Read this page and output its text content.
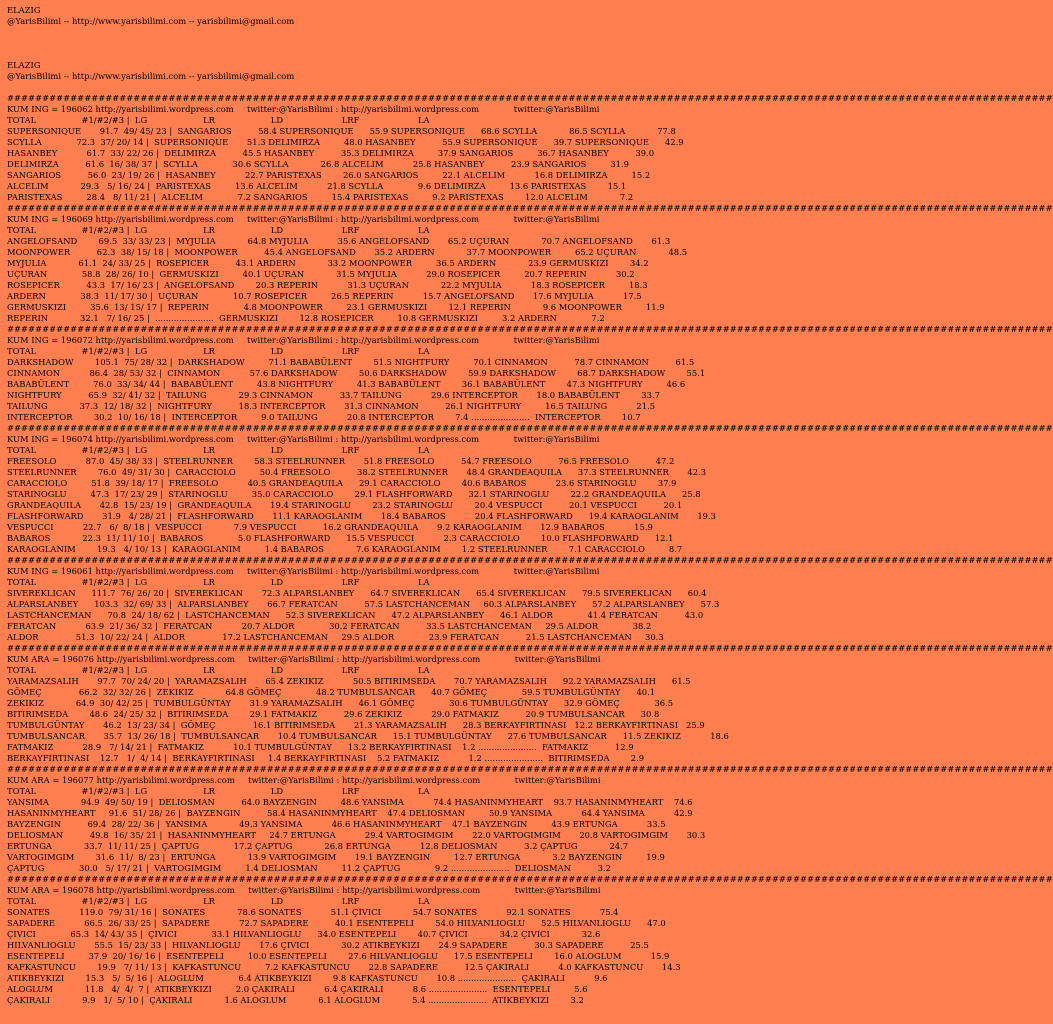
ELAZIG
@YarisBilimi -- http://www.yarisbilimi.com -- yarisbilimi@gmail.com
ELAZIG
@YarisBilimi -- http://www.yarisbilimi.com -- yarisbilimi@gmail.com
#####################################################################################################################################################
KUM ING = 196062 http://yarisbilimi.wordpress.com     twitter:@YarisBilimi : http://yarisbilimi.wordpress.com             twitter:@YarisBilimi
TOTAL                 #1/#2/#3 |  LG                     LR                     LD                      LRF                      LA
SUPERSONIQUE       91.7  49/ 45/ 23 |  SANGARIOS          58.4 SUPERSONIQUE      55.9 SUPERSONIQUE      68.6 SCYLLA            86.5 SCYLLA            77.8
SCYLLA             72.3  37/ 20/ 14 |  SUPERSONIQUE       51.3 DELIMIRZA         48.0 HASANBEY          55.9 SUPERSONIQUE      39.7 SUPERSONIQUE      42.9
HASANBEY           61.7  33/ 22/ 26 |  DELIMIRZA          45.5 HASANBEY          35.3 DELIMIRZA         37.9 SANGARIOS         36.7 HASANBEY          39.0
DELIMIRZA          61.6  16/ 38/ 37 |  SCYLLA             30.6 SCYLLA            26.8 ALCELIM           25.8 HASANBEY          23.9 SANGARIOS         31.9
SANGARIOS          56.0  23/ 19/ 26 |  HASANBEY           22.7 PARISTEXAS        26.0 SANGARIOS         22.1 ALCELIM           16.8 DELIMIRZA         15.2
ALCELIM            29.3   5/ 16/ 24 |  PARISTEXAS         13.6 ALCELIM           21.8 SCYLLA             9.6 DELIMIRZA         13.6 PARISTEXAS        15.1
PARISTEXAS         28.4   8/ 11/ 21 |  ALCELIM             7.2 SANGARIOS         15.4 PARISTEXAS         9.2 PARISTEXAS        12.0 ALCELIM            7.2
#####################################################################################################################################################
KUM ING = 196069 http://yarisbilimi.wordpress.com     twitter:@YarisBilimi : http://yarisbilimi.wordpress.com             twitter:@YarisBilimi
TOTAL                 #1/#2/#3 |  LG                     LR                     LD                      LRF                      LA
ANGELOFSAND        69.5  33/ 33/ 23 |  MYJULIA            64.8 MYJULIA           35.6 ANGELOFSAND       65.2 UÇURAN            70.7 ANGELOFSAND       61.3
MOONPOWER          62.3  38/ 15/ 18 |  MOONPOWER          45.4 ANGELOFSAND       35.2 ARDERN            37.7 MOONPOWER         65.2 UÇURAN            48.5
MYJULIA            61.1  24/ 33/ 25 |  ROSEPICER          43.1 ARDERN            33.2 MOONPOWER         36.5 ARDERN            23.9 GERMUSKIZI        34.2
UÇURAN             58.8  28/ 26/ 10 |  GERMUSKIZI         40.1 UÇURAN            31.5 MYJULIA           29.0 ROSEPICER         20.7 REPERIN           30.2
ROSEPICER          43.3  17/ 16/ 23 |  ANGELOFSAND        20.3 REPERIN           31.3 UÇURAN            22.2 MYJULIA           18.3 ROSEPICER         18.3
ARDERN             38.3  11/ 17/ 30 |  UÇURAN             10.7 ROSEPICER         26.5 REPERIN           15.7 ANGELOFSAND       17.6 MYJULIA           17.5
GERMUSKIZI         35.6  13/ 15/ 17 |  REPERIN             4.8 MOONPOWER         23.1 GERMUSKIZI        12.1 REPERIN            9.6 MOONPOWER         11.9
REPERIN            32.1   7/ 16/ 25 |  ......................  GERMUSKIZI        12.8 ROSEPICER         10.8 GERMUSKIZI         3.2 ARDERN             7.2
#####################################################################################################################################################
KUM ING = 196072 http://yarisbilimi.wordpress.com     twitter:@YarisBilimi : http://yarisbilimi.wordpress.com             twitter:@YarisBilimi
TOTAL                 #1/#2/#3 |  LG                     LR                     LD                      LRF                      LA
DARKSHADOW        105.1  75/ 28/ 32 |  DARKSHADOW         71.1 BABABÜLENT        51.5 NIGHTFURY         70.1 CINNAMON          78.7 CINNAMON          61.5
CINNAMON           86.4  28/ 53/ 32 |  CINNAMON           57.6 DARKSHADOW        50.6 DARKSHADOW        59.9 DARKSHADOW        68.7 DARKSHADOW        55.1
BABABÜLENT         76.0  33/ 34/ 44 |  BABABÜLENT         43.8 NIGHTFURY         41.3 BABABÜLENT        36.1 BABABÜLENT        47.3 NIGHTFURY         46.6
NIGHTFURY          65.9  32/ 41/ 32 |  TAILUNG            29.3 CINNAMON          33.7 TAILUNG           29.6 INTERCEPTOR       18.0 BABABÜLENT        33.7
TAILUNG            37.3  12/ 18/ 32 |  NIGHTFURY          18.3 INTERCEPTOR       31.3 CINNAMON          26.1 NIGHTFURY         16.5 TAILUNG           21.5
INTERCEPTOR        30.2  10/ 16/ 18 |  INTERCEPTOR         9.0 TAILUNG           20.8 INTERCEPTOR        7.4 ......................  INTERCEPTOR        10.7
#####################################################################################################################################################
KUM ING = 196074 http://yarisbilimi.wordpress.com     twitter:@YarisBilimi : http://yarisbilimi.wordpress.com             twitter:@YarisBilimi
TOTAL                 #1/#2/#3 |  LG                     LR                     LD                      LRF                      LA
FREESOLO           87.0  45/ 38/ 33 |  STEELRUNNER        58.3 STEELRUNNER       51.8 FREESOLO          54.7 FREESOLO          76.5 FREESOLO          47.2
STEELRUNNER        76.0  49/ 31/ 30 |  CARACCIOLO         50.4 FREESOLO          38.2 STEELRUNNER       48.4 GRANDEAQUILA      37.3 STEELRUNNER       42.3
CARACCIOLO         51.8  39/ 18/ 17 |  FREESOLO           40.5 GRANDEAQUILA      29.1 CARACCIOLO        40.6 BABAROS           23.6 STARINOGLU        37.9
STARINOGLU         47.3  17/ 23/ 29 |  STARINOGLU         35.0 CARACCIOLO        29.1 FLASHFORWARD      32.1 STARINOGLU        22.2 GRANDEAQUILA      25.8
GRANDEAQUILA       42.8  15/ 23/ 19 |  GRANDEAQUILA       19.4 STARINOGLU        23.2 STARINOGLU        20.4 VESPUCCI          20.1 VESPUCCI          20.1
FLASHFORWARD       31.9   4/ 28/ 21 |  FLASHFORWARD       11.1 KARAOGLANIM       18.4 BABAROS           20.4 FLASHFORWARD      19.4 KARAOGLANIM       19.3
VESPUCCI           22.7   6/  8/ 18 |  VESPUCCI            7.9 VESPUCCI          16.2 GRANDEAQUILA       9.2 KARAOGLANIM       12.9 BABAROS           15.9
BABAROS            22.3  11/ 11/ 10 |  BABAROS             5.0 FLASHFORWARD      15.5 VESPUCCI           2.3 CARACCIOLO        10.0 FLASHFORWARD      12.1
KARAOGLANIM        19.3   4/ 10/ 13 |  KARAOGLANIM         1.4 BABAROS            7.6 KARAOGLANIM        1.2 STEELRUNNER        7.1 CARACCIOLO         8.7
#####################################################################################################################################################
KUM ING = 196061 http://yarisbilimi.wordpress.com     twitter:@YarisBilimi : http://yarisbilimi.wordpress.com             twitter:@YarisBilimi
TOTAL                 #1/#2/#3 |  LG                     LR                     LD                      LRF                      LA
SIVEREKLICAN      111.7  76/ 26/ 20 |  SIVEREKLICAN       72.3 ALPARSLANBEY      64.7 SIVEREKLICAN      65.4 SIVEREKLICAN      79.5 SIVEREKLICAN      60.4
ALPARSLANBEY      103.3  32/ 69/ 33 |  ALPARSLANBEY       66.7 FERATCAN          57.5 LASTCHANCEMAN     60.3 ALPARSLANBEY      57.2 ALPARSLANBEY      57.3
LASTCHANCEMAN      70.8  24/ 18/ 62 |  LASTCHANCEMAN      52.3 SIVEREKLICAN      47.2 ALPARSLANBEY      46.1 ALDOR             41.4 FERATCAN          43.0
FERATCAN           63.9  21/ 36/ 32 |  FERATCAN           20.7 ALDOR             30.2 FERATCAN          33.5 LASTCHANCEMAN     29.5 ALDOR             38.2
ALDOR              51.3  10/ 22/ 24 |  ALDOR              17.2 LASTCHANCEMAN     29.5 ALDOR             23.9 FERATCAN          21.5 LASTCHANCEMAN     30.3
#####################################################################################################################################################
KUM ARA = 196076 http://yarisbilimi.wordpress.com     twitter:@YarisBilimi : http://yarisbilimi.wordpress.com             twitter:@YarisBilimi
TOTAL                 #1/#2/#3 |  LG                     LR                     LD                      LRF                      LA
YARAMAZSALIH       97.7  70/ 24/ 20 |  YARAMAZSALIH       65.4 ZEKIKIZ           50.5 BITIRIMSEDA       70.7 YARAMAZSALIH      92.2 YARAMAZSALIH      61.5
GÖMEÇ              66.2  32/ 32/ 26 |  ZEKIKIZ            64.8 GÖMEÇ             48.2 TUMBULSANCAR      40.7 GÖMEÇ             59.5 TUMBULGÜNTAY      40.1
ZEKIKIZ            64.9  30/ 42/ 25 |  TUMBULGÜNTAY       31.9 YARAMAZSALIH      46.1 GÖMEÇ             30.6 TUMBULGÜNTAY      32.9 GÖMEÇ             36.5
BITIRIMSEDA        48.6  24/ 25/ 32 |  BITIRIMSEDA        29.1 FATMAKIZ          29.6 ZEKIKIZ           29.0 FATMAKIZ          20.9 TUMBULSANCAR      30.8
TUMBULGÜNTAY       46.2  13/ 23/ 34 |  GÖMEÇ              16.1 BITIRIMSEDA       21.3 YARAMAZSALIH      28.3 BERKAYFIRTINASI   12.2 BERKAYFIRTINASI   25.9
TUMBULSANCAR       35.7  13/ 26/ 18 |  TUMBULSANCAR       10.4 TUMBULSANCAR      15.1 TUMBULGÜNTAY      27.6 TUMBULSANCAR      11.5 ZEKIKIZ           18.6
FATMAKIZ           28.9   7/ 14/ 21 |  FATMAKIZ           10.1 TUMBULGÜNTAY      13.2 BERKAYFIRTINASI    1.2 ......................  FATMAKIZ          12.9
BERKAYFIRTINASI    12.7   1/  4/ 14 |  BERKAYFIRTINASI     1.4 BERKAYFIRTINASI    5.2 FATMAKIZ           1.2 ......................  BITIRIMSEDA        2.9
#####################################################################################################################################################
KUM ARA = 196077 http://yarisbilimi.wordpress.com     twitter:@YarisBilimi : http://yarisbilimi.wordpress.com             twitter:@YarisBilimi
TOTAL                 #1/#2/#3 |  LG                     LR                     LD                      LRF                      LA
YANSIMA            94.9  49/ 50/ 19 |  DELIOSMAN          64.0 BAYZENGIN         48.6 YANSIMA           74.4 HASANINMYHEART    93.7 HASANINMYHEART    74.6
HASANINMYHEART     91.6  51/ 28/ 26 |  BAYZENGIN          58.4 HASANINMYHEART    47.4 DELIOSMAN         50.9 YANSIMA           64.4 YANSIMA           42.9
BAYZENGIN          69.4  28/ 22/ 36 |  YANSIMA            49.3 YANSIMA           46.6 HASANINMYHEART    47.1 BAYZENGIN         43.9 ERTUNGA           33.5
DELIOSMAN          49.8  16/ 35/ 21 |  HASANINMYHEART     24.7 ERTUNGA           29.4 VARTOGIMGIM       22.0 VARTOGIMGIM       20.8 VARTOGIMGIM       30.3
ERTUNGA            33.7  11/ 11/ 25 |  ÇAPTUG             17.2 ÇAPTUG            26.8 ERTUNGA           12.8 DELIOSMAN          3.2 ÇAPTUG            24.7
VARTOGIMGIM        31.6  11/  8/ 23 |  ERTUNGA            13.9 VARTOGIMGIM       19.1 BAYZENGIN         12.7 ERTUNGA            3.2 BAYZENGIN         19.9
ÇAPTUG             30.0   5/ 17/ 21 |  VARTOGIMGIM         1.4 DELIOSMAN         11.2 ÇAPTUG             9.2 ......................  DELIOSMAN          3.2
#####################################################################################################################################################
KUM ARA = 196078 http://yarisbilimi.wordpress.com     twitter:@YarisBilimi : http://yarisbilimi.wordpress.com             twitter:@YarisBilimi
TOTAL                 #1/#2/#3 |  LG                     LR                     LD                      LRF                      LA
SONATES           119.0  79/ 31/ 16 |  SONATES            78.6 SONATES           51.1 ÇIVICI            54.7 SONATES           92.1 SONATES           75.4
SAPADERE           66.5  26/ 33/ 25 |  SAPADERE           72.7 SAPADERE          40.1 ESENTEPELI        54.0 HILVANLIOGLU      52.5 HILVANLIOGLU      47.0
ÇIVICI             65.3  14/ 43/ 35 |  ÇIVICI             33.1 HILVANLIOGLU      34.0 ESENTEPELI        40.7 ÇIVICI            34.2 ÇIVICI            32.6
HILVANLIOGLU       55.5  15/ 23/ 33 |  HILVANLIOGLU       17.6 ÇIVICI            30.2 ATIKBEYKIZI       24.9 SAPADERE          30.3 SAPADERE          25.5
ESENTEPELI         37.9  20/ 16/ 16 |  ESENTEPELI         10.0 ESENTEPELI        27.6 HILVANLIOGLU      17.5 ESENTEPELI        16.0 ALOGLUM           15.9
KAFKASTUNCU        19.9   7/ 11/ 13 |  KAFKASTUNCU         7.2 KAFKASTUNCU       22.8 SAPADERE          12.5 ÇAKIRALI           4.0 KAFKASTUNCU       14.3
ATIKBEYKIZI        15.3   5/  5/ 16 |  ALOGLUM             6.4 ATIKBEYKIZI        9.8 KAFKASTUNCU       10.8 ......................  ÇAKIRALI           9.6
ALOGLUM            11.8   4/  4/  7 |  ATIKBEYKIZI         2.0 ÇAKIRALI           6.4 ÇAKIRALI           8.6 ......................  ESENTEPELI         5.6
ÇAKIRALI            9.9   1/  5/ 10 |  ÇAKIRALI            1.6 ALOGLUM            6.1 ALOGLUM            5.4 ......................  ATIKBEYKIZI        3.2
